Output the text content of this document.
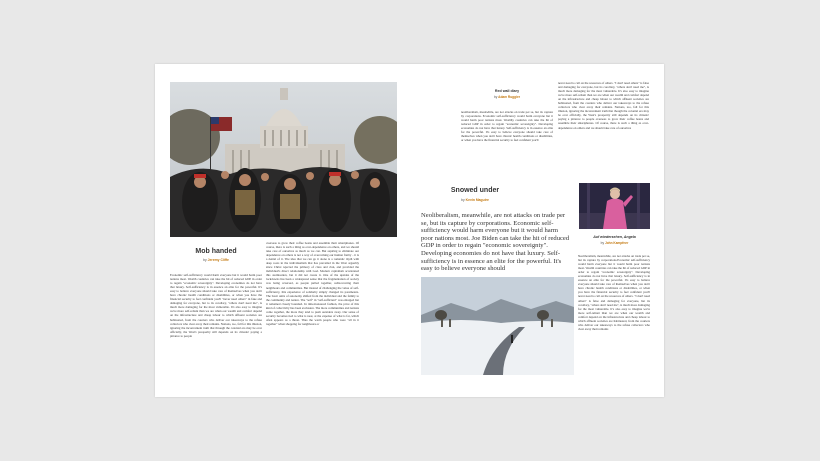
Mob handed
by Jeremy Cliffe

Economic self-sufficiency would harm everyone but it would harm poor nations most. Wealth countries can take the hit of reduced GDP in order to regain "economic sovereignty". Developing economies do not have that luxury. Self-sufficiency is in essence an elite for the powerful. It's easy to believe everyone should take care of themselves when you don't have chronic health conditions or disabilities, or when you have the financial security to feel confident you'll "never need others" in fake and damaging for everyone, but to its corollary, "others don't need me", is much more damaging for the most vulnerable. It's also easy to imagine we're more self-reliant than we are when our wealth and comfort depend on the infrastructure and cheap labour to which affluent societies are habituated, from the couriers who deliver our takeaways to the refuse collectors who clear away their remains. Nations, too, fall for this illusion, ignoring the inconvenient truth that through the colonial era may be over officially, the West's prosperity still depends on its citizens' paying a pittance to people

overseas to grow their coffee beans and assemble their smartphones. Of course, there is such a thing as over-dependence on others, and we should take care of ourselves as much as we can. But aspiring to eliminate our dependence on others is not a way of overcoming our human frailty - it is a denial of it. The idea that we can go it alone is a romantic myth with deep roots in the individualism that has prevailed in the West arguably since Christ rejected the primacy of class and clan, and provided the individual's direct relationship with God. Modern capitalism accelerated this atomisation, but it did not create it. One of the upsides of the lockdowns has been a widespread sense that the fragmentation of society was being reversed, as people pulled together, rediscovering their neighbours and communities. But instead of challenging the value of self-sufficiency, this experience of solidarity simply changed its parameters. The basic units of autonomy shifted from the individual and the family to the community and nation. The "self" in "self-sufficient" was enlarged but it remained closely bounded. In time-honoured fashion, the price of this kind of collectivity has been exclusion. The more communities and nations come together, the more they tend to push outsiders away. Our sense of security becomes tied to what is near, at the expense of what is far, which often appears as a threat. Thus the warm people who were "all in it together" when shopping for neighbours or

Red wall diary
by Adam Ruggier

neoliberalism, meanwhile, are not attacks on trade per se, but its capture by corporations. Economic self-sufficiency would harm everyone but it would harm poor nations most. Wealthy countries can take the hit of reduced GDP in order to regain "economic sovereignty". Developing economies do not have that luxury. Self-sufficiency is in essence an elite for the powerful. It's easy to believe everyone should take care of themselves when you don't have chronic health conditions or disabilities, or when you have the financial security to feel confident you'll

never need to call on the resources of others. "I don't need others" is false and damaging for everyone, but its corollary, "others don't need me", is much more damaging for the most vulnerable. It's also easy to imagine we're more self-reliant than we are when our wealth and comfort depend on the infrastructure and cheap labour to which affluent societies are habituated, from the couriers who deliver our takeaways to the refuse collectors who clear away their remains. Nations, too, fall for this illusion, ignoring the inconvenient truth that though the colonial era may be over officially, the West's prosperity still depends on its citizens' paying a pittance to people overseas to grow their coffee beans and assemble their smartphones. Of course, there is such a thing as over-dependence on others and we should take care of ourselves

Snowed under
by Kevin Maguire

Neoliberalism, meanwhile, are not attacks on trade per se, but its capture by corporations. Economic self-sufficiency would harm everyone but it would harm poor nations most. Joe Biden can take the hit of reduced GDP in order to regain "economic sovereignty". Developing economies do not have that luxury. Self-sufficiency is in essence an elite for the powerful. It's easy to believe everyone should

Auf wiedersehen, Angela
by John Kampfner

Neoliberalism, meanwhile, are not attacks on trade per se, but its capture by corporations.Economic self-sufficiency would harm everyone but it would harm poor nations most. Wealth countries can take the hit of reduced GDP in order to regain "economic sovereignty". Developing economies do not have that luxury. Self-sufficiency is in essence an elite for the powerful. It's easy to believe everyone should take care of themselves when you don't have chronic health conditions or disabilities, or when you have the financial security to feel confident you'll never need to call on the resources of others. "I don't need others" is false and damaging for everyone, but its corollary, "others don't need me", is much more damaging for the most vulnerable. It's also easy to imagine we're more self-reliant than we are when our wealth and comfort depend on the infrastructure and cheap labour to which affluent societies are habituated, from the couriers who deliver our takeaways to the refuse collectors who clear away their remains
